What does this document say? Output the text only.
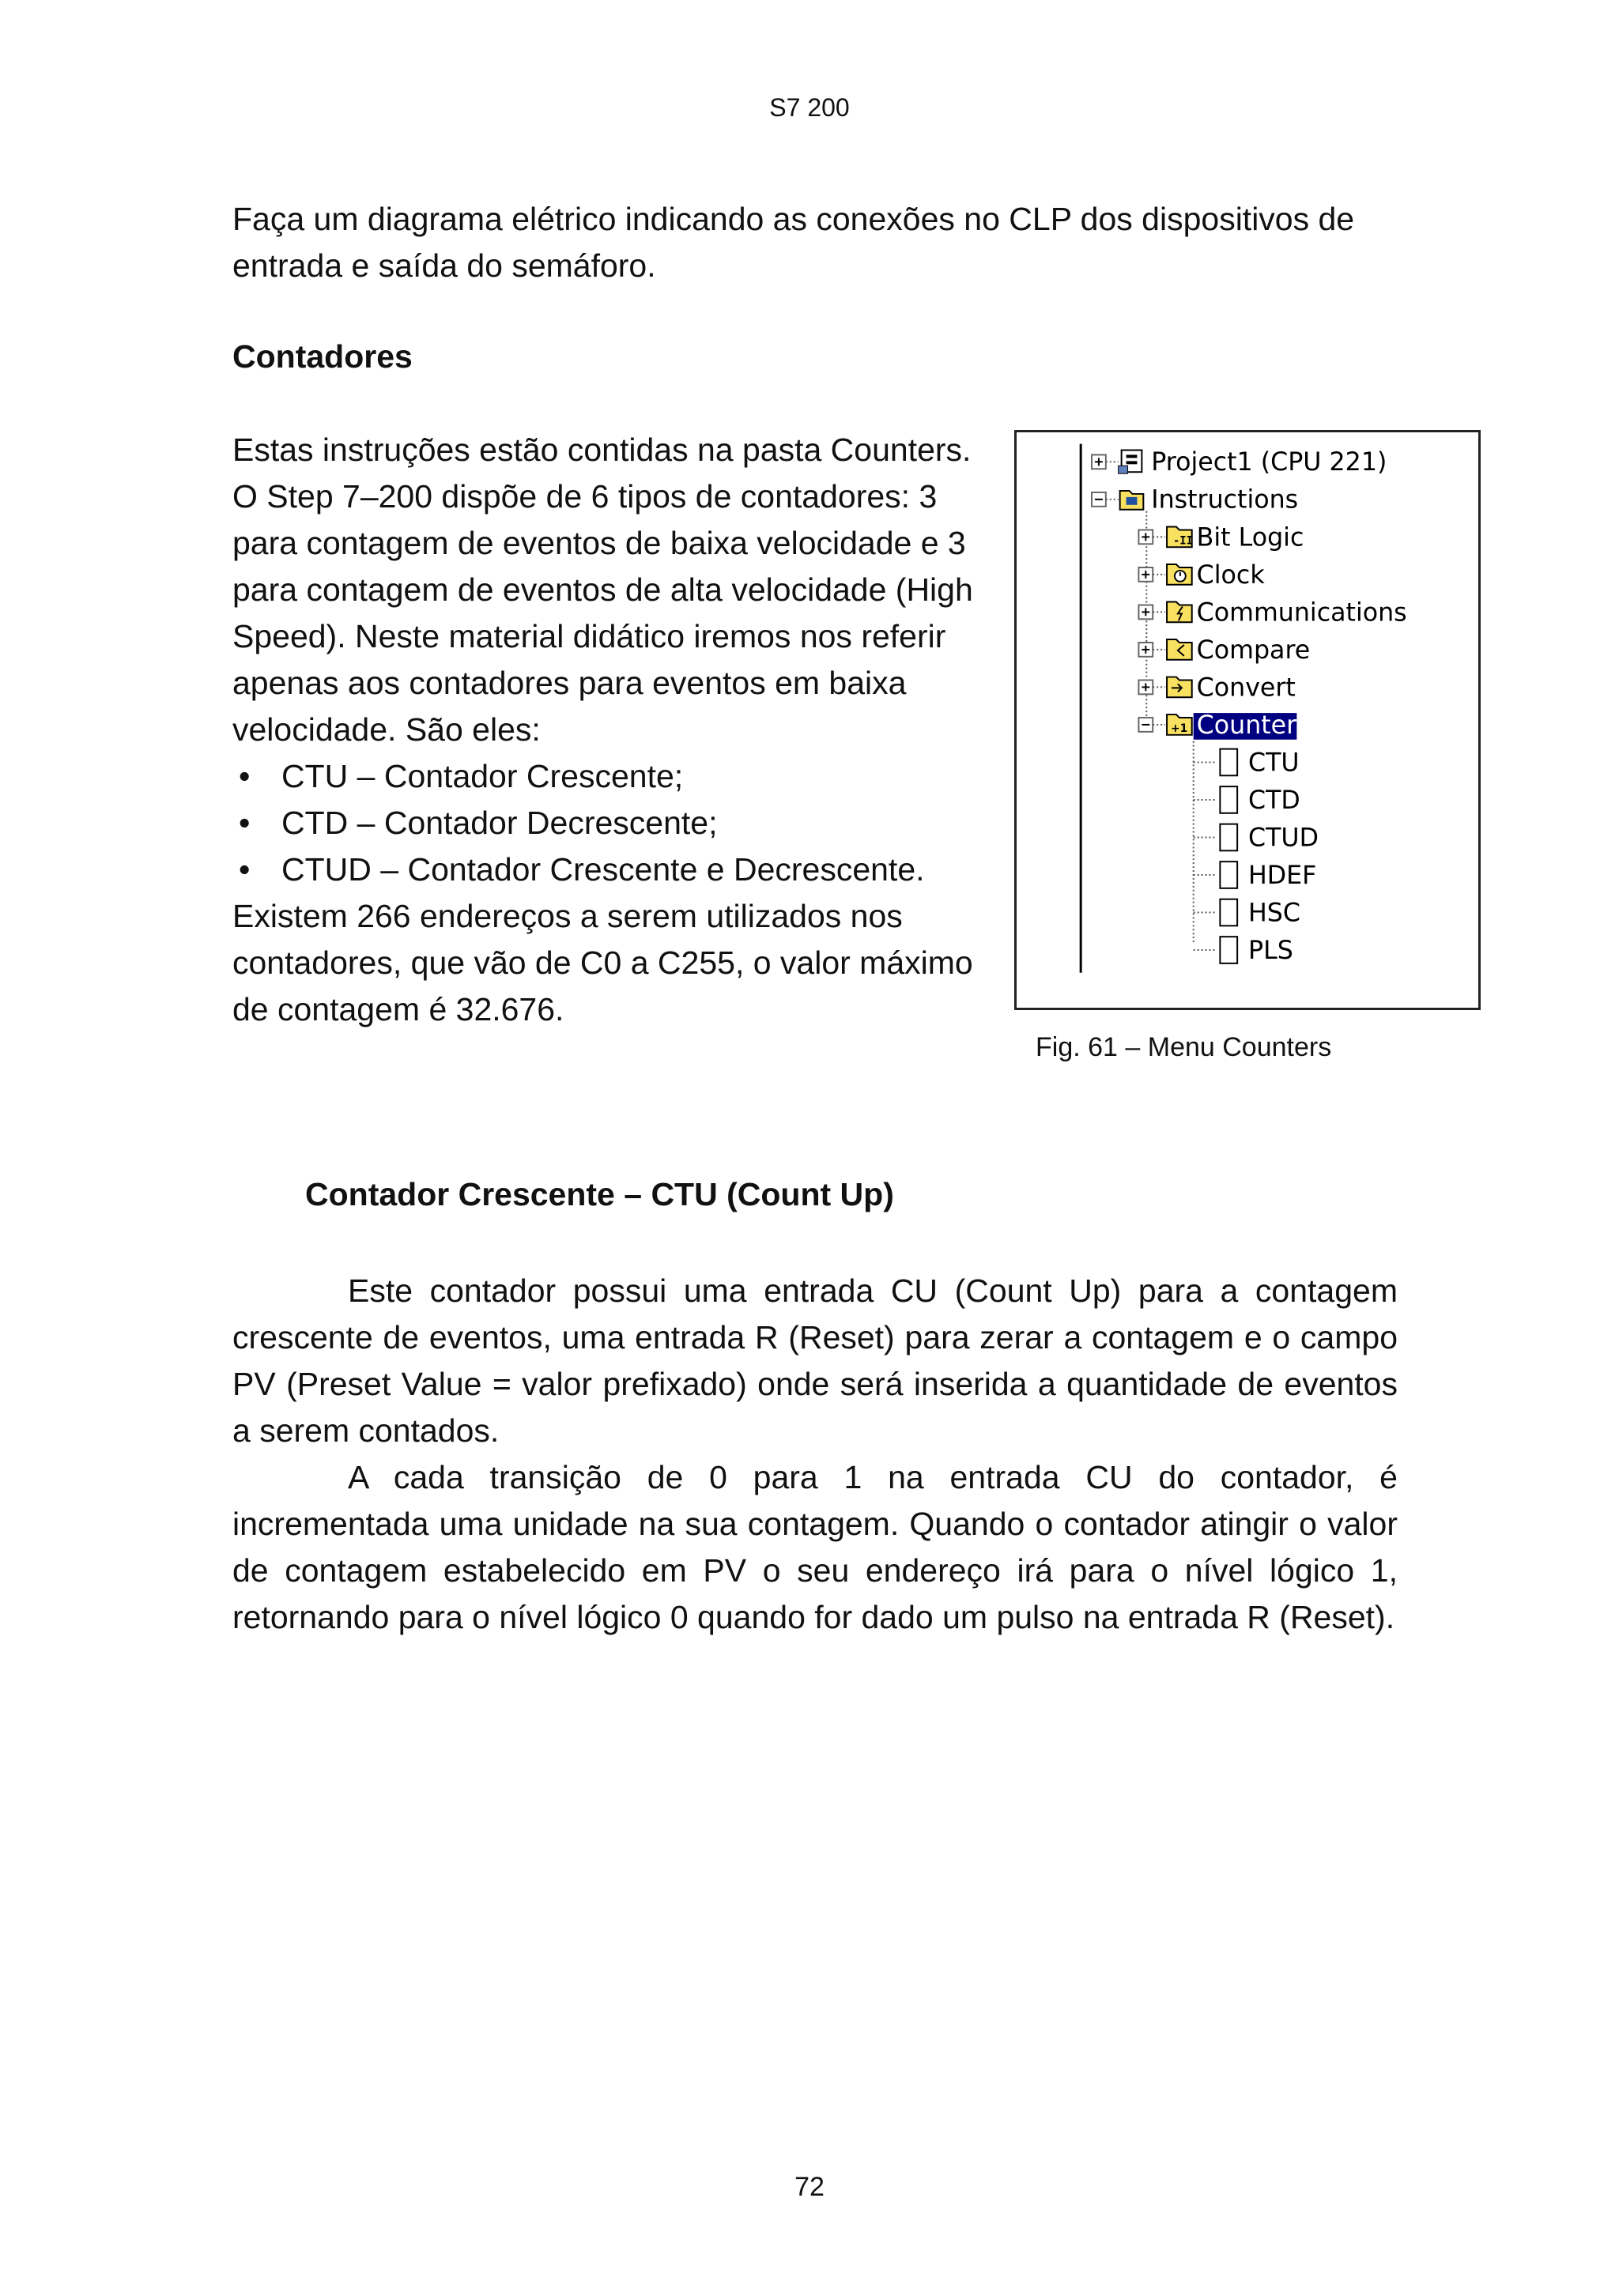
S7 200

Faça um diagrama elétrico indicando as conexões no CLP dos dispositivos de entrada e saída do semáforo.

Contadores

Estas instruções estão contidas na pasta Counters. O Step 7–200 dispõe de 6 tipos de contadores: 3 para contagem de eventos de baixa velocidade e 3 para contagem de eventos de alta velocidade (High Speed). Neste material didático iremos nos referir apenas aos contadores para eventos em baixa velocidade. São eles:

• CTU – Contador Crescente;
• CTD – Contador Decrescente;
• CTUD – Contador Crescente e Decrescente.

Existem 266 endereços a serem utilizados nos contadores, que vão de C0 a C255, o valor máximo de contagem é 32.676.

Project1 (CPU 221)
Instructions
-II Bit Logic
Clock
Communications
Compare
Convert
+1 Counters
CTU
CTD
CTUD
HDEF
HSC
PLS
Fig. 61 – Menu Counters

Contador Crescente – CTU (Count Up)

Este contador possui uma entrada CU (Count Up) para a contagem crescente de eventos, uma entrada R (Reset) para zerar a contagem e o campo PV (Preset Value = valor prefixado) onde será inserida a quantidade de eventos a serem contados.

A cada transição de 0 para 1 na entrada CU do contador, é incrementada uma unidade na sua contagem. Quando o contador atingir o valor de contagem estabelecido em PV o seu endereço irá para o nível lógico 1, retornando para o nível lógico 0 quando for dado um pulso na entrada R (Reset).

72
